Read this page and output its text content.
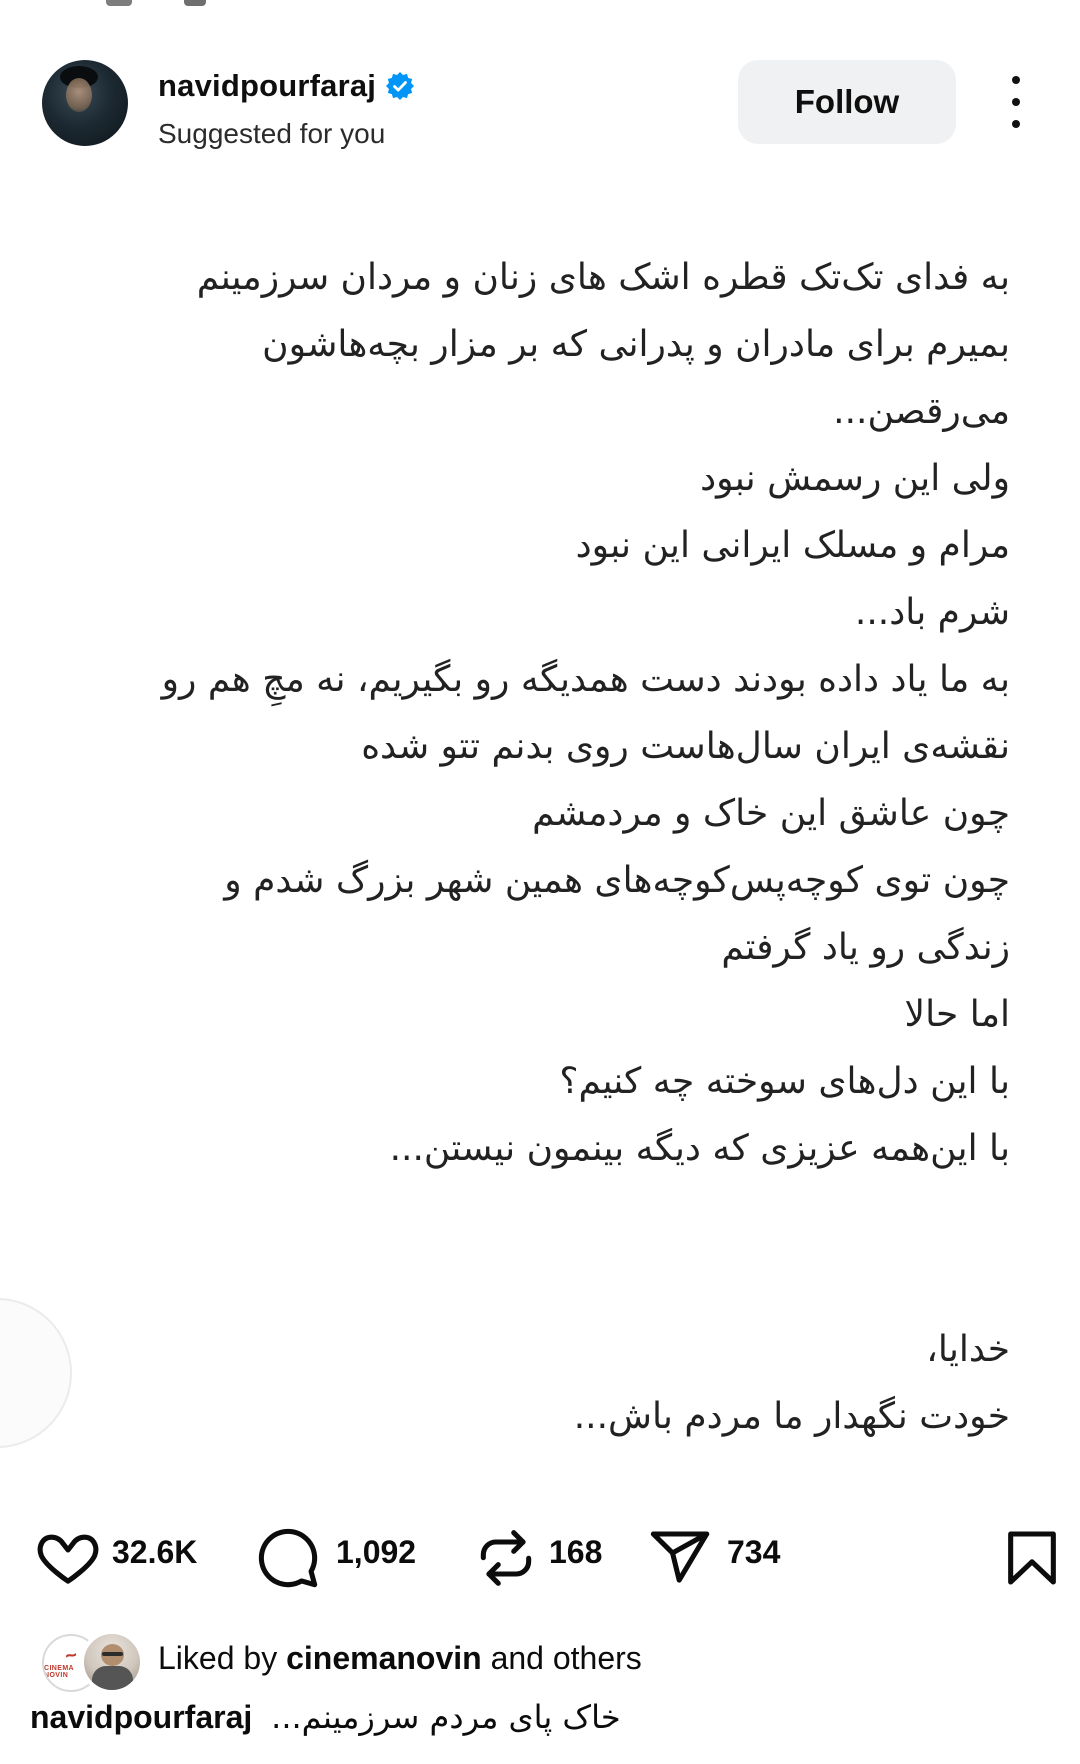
navidpourfaraj
Suggested for you
Follow
به فدای تک‌تک قطره اشک های زنان و مردان سرزمینم
بمیرم برای مادران و پدرانی که بر مزار بچه‌هاشون
می‌رقصن...
ولی این رسمش نبود
مرام و مسلک ایرانی این نبود
شرم باد...
به ما یاد داده بودند دست همدیگه رو بگیریم، نه مچِ هم رو
نقشه‌ی ایران سال‌هاست روی بدنم تتو شده
چون عاشق این خاک و مردمشم
چون توی کوچه‌پس‌کوچه‌های همین شهر بزرگ شدم و
زندگی رو یاد گرفتم
اما حالا
با این دل‌های سوخته چه کنیم؟
با این‌همه عزیزی که دیگه بینمون نیستن...
خدایا،
خودت نگهدار ما مردم باش...
32.6K	1,092	168	734
~
CINEMA NOVIN	Liked by cinemanovin and others
navidpourfaraj خاک پای مردم سرزمینم...
